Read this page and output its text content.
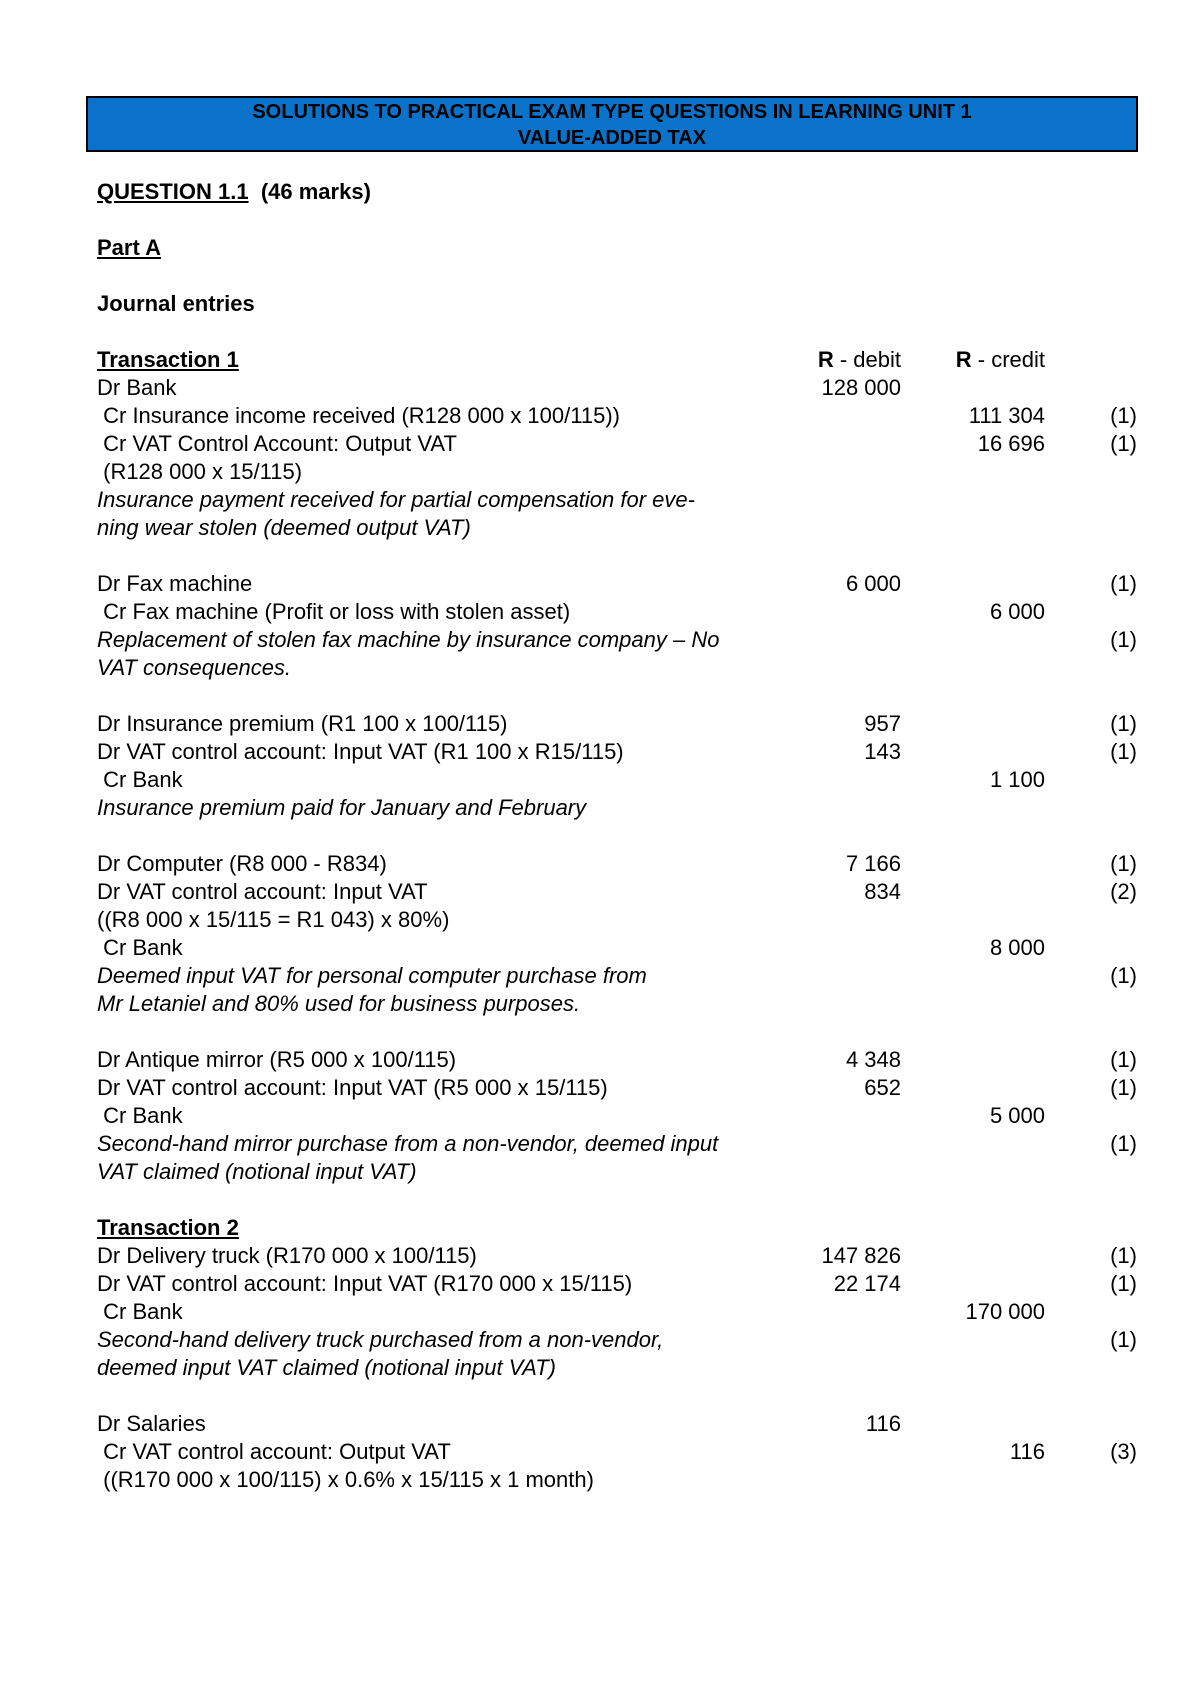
SOLUTIONS TO PRACTICAL EXAM TYPE QUESTIONS IN LEARNING UNIT 1
VALUE-ADDED TAX
QUESTION 1.1 (46 marks)
Part A
Journal entries
Transaction 1	R - debit R - credit
Dr Bank	128 000
Cr Insurance income received (R128 000 x 100/115))	111 304	(1)
Cr VAT Control Account: Output VAT	16 696	(1)
(R128 000 x 15/115)
Insurance payment received for partial compensation for eve-
ning wear stolen (deemed output VAT)
Dr Fax machine	6 000	(1)
Cr Fax machine (Profit or loss with stolen asset)	6 000
Replacement of stolen fax machine by insurance company – No	(1)
VAT consequences.
Dr Insurance premium (R1 100 x 100/115)	957	(1)
Dr VAT control account: Input VAT (R1 100 x R15/115)	143	(1)
Cr Bank	1 100
Insurance premium paid for January and February
Dr Computer (R8 000 - R834)	7 166	(1)
Dr VAT control account: Input VAT	834	(2)
((R8 000 x 15/115 = R1 043) x 80%)
Cr Bank	8 000
Deemed input VAT for personal computer purchase from	(1)
Mr Letaniel and 80% used for business purposes.
Dr Antique mirror (R5 000 x 100/115)	4 348	(1)
Dr VAT control account: Input VAT (R5 000 x 15/115)	652	(1)
Cr Bank	5 000
Second-hand mirror purchase from a non-vendor, deemed input	(1)
VAT claimed (notional input VAT)
Transaction 2
Dr Delivery truck (R170 000 x 100/115)	147 826	(1)
Dr VAT control account: Input VAT (R170 000 x 15/115)	22 174	(1)
Cr Bank	170 000
Second-hand delivery truck purchased from a non-vendor,	(1)
deemed input VAT claimed (notional input VAT)
Dr Salaries	116
Cr VAT control account: Output VAT	116	(3)
((R170 000 x 100/115) x 0.6% x 15/115 x 1 month)
